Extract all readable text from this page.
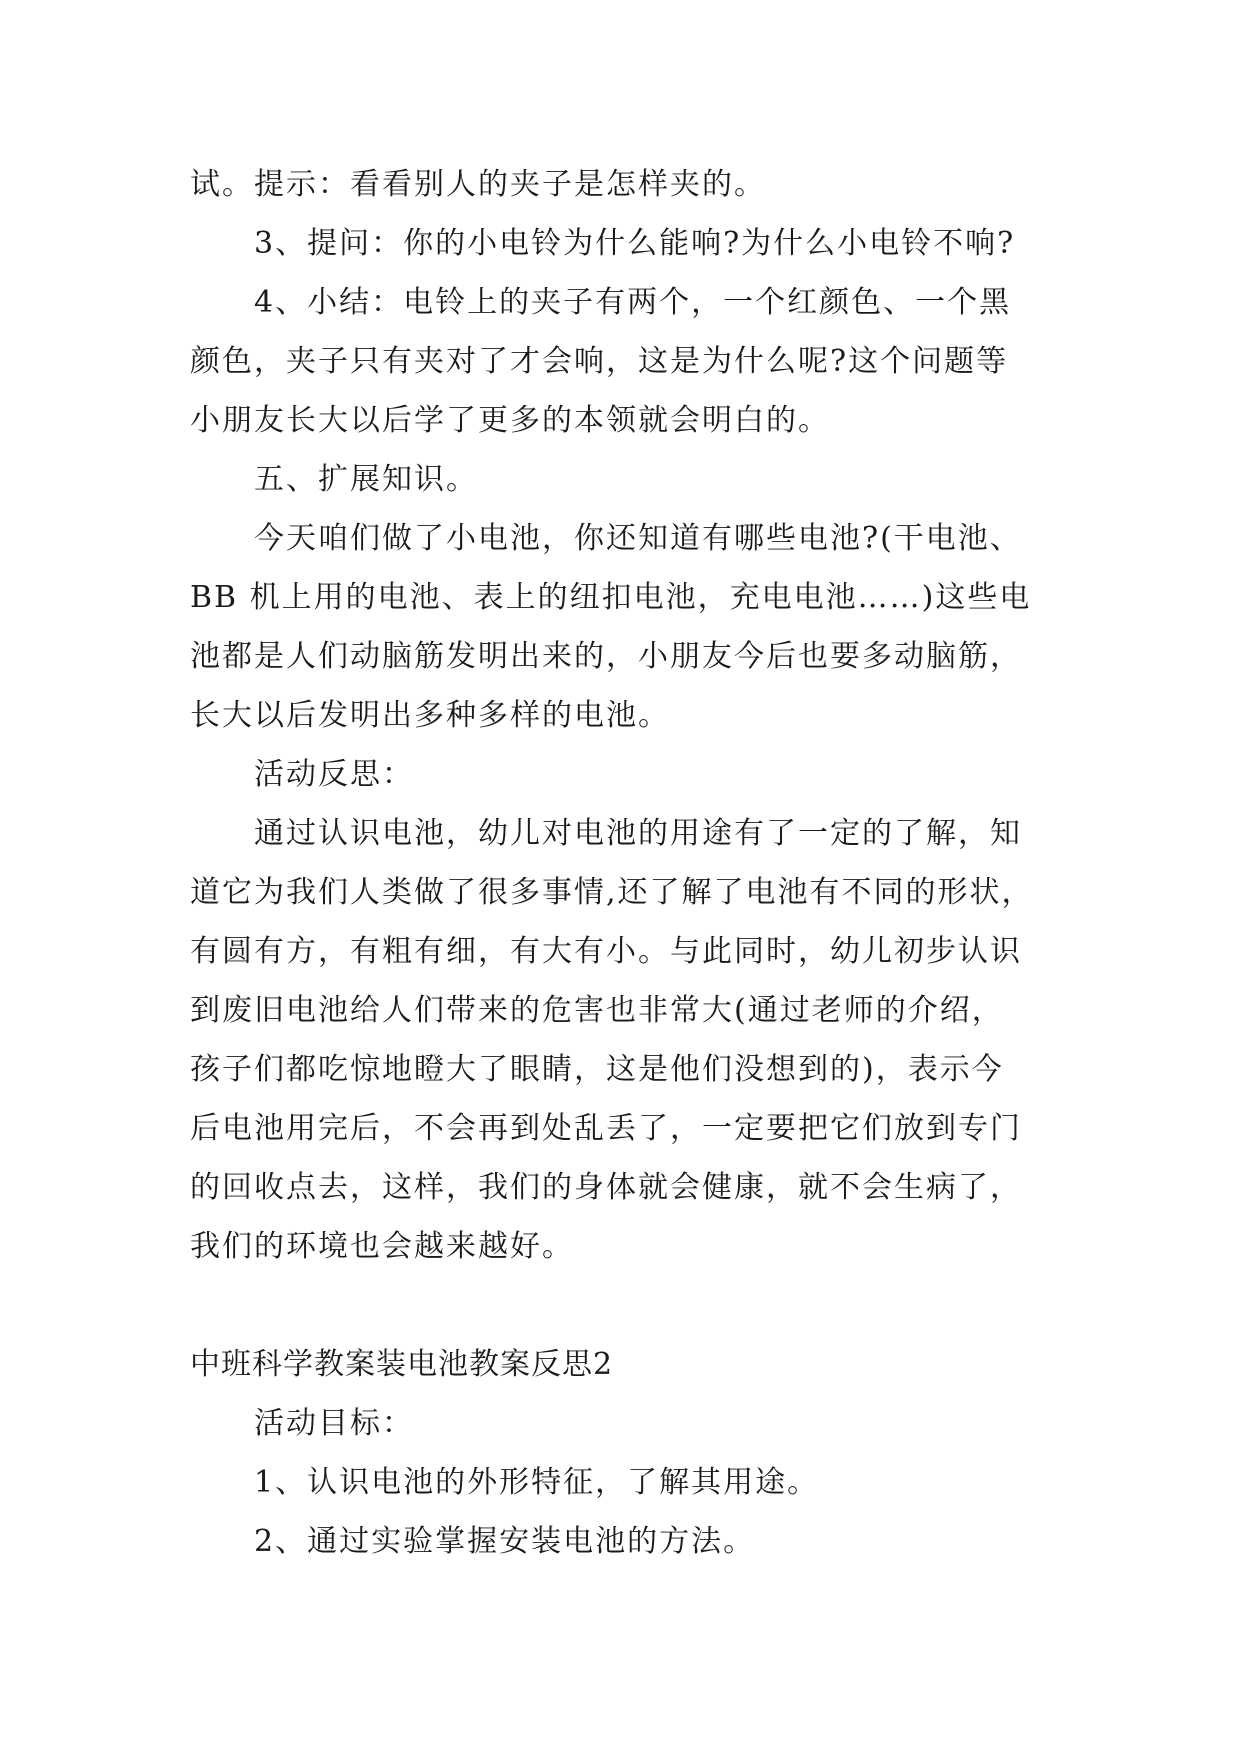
试。提示：看看别人的夹子是怎样夹的。
3、提问：你的小电铃为什么能响?为什么小电铃不响?
4、小结：电铃上的夹子有两个，一个红颜色、一个黑
颜色，夹子只有夹对了才会响，这是为什么呢?这个问题等
小朋友长大以后学了更多的本领就会明白的。
五、扩展知识。
今天咱们做了小电池，你还知道有哪些电池?(干电池、
BB 机上用的电池、表上的纽扣电池，充电电池……)这些电
池都是人们动脑筋发明出来的，小朋友今后也要多动脑筋，
长大以后发明出多种多样的电池。
活动反思：
通过认识电池，幼儿对电池的用途有了一定的了解，知
道它为我们人类做了很多事情,还了解了电池有不同的形状，
有圆有方，有粗有细，有大有小。与此同时，幼儿初步认识
到废旧电池给人们带来的危害也非常大(通过老师的介绍，
孩子们都吃惊地瞪大了眼睛，这是他们没想到的)，表示今
后电池用完后，不会再到处乱丢了，一定要把它们放到专门
的回收点去，这样，我们的身体就会健康，就不会生病了，
我们的环境也会越来越好。
中班科学教案装电池教案反思2
活动目标：
1、认识电池的外形特征，了解其用途。
2、通过实验掌握安装电池的方法。
